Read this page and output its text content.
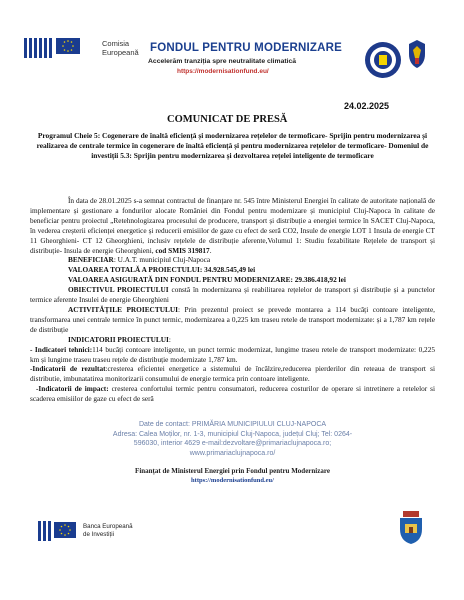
Comisia
Europeană FONDUL PENTRU MODERNIZARE
Accelerăm tranziția spre neutralitate climatică
https://modernisationfund.eu/
24.02.2025
COMUNICAT DE PRESĂ
Programul Cheie 5: Cogenerare de înaltă eficiență și modernizarea rețelelor de termoficare- Sprijin pentru modernizarea și realizarea de centrale termice în cogenerare de înaltă eficiență și pentru modernizarea rețelelor de termoficare- Domeniul de investiții 5.3: Sprijin pentru modernizarea și dezvoltarea rețelei inteligente de termoficare

În data de 28.01.2025 s-a semnat contractul de finanțare nr. 545 între Ministerul Energiei în calitate de autoritate națională de implementare și gestionare a fondurilor alocate României din Fondul pentru modernizare și municipiul Cluj-Napoca în calitate de beneficiar pentru proiectul „Retehnologizarea procesului de producere, transport și distribuție a energiei termice în SACET Cluj-Napoca, în vederea creșterii eficienței energetice și reducerii emisiilor de gaze cu efect de seră CO2, Insule de energie LOT 1 Insula de energie CT 11 Gheorghieni- CT 12 Gheorghieni, inclusiv rețelele de distribuție aferente,Volumul 1: Studiu fezabilitate Rețelele de transport și distribuție- Insula de energie Gheorghieni, cod SMIS 319817.

BENEFICIAR: U.A.T. municipiul Cluj-Napoca

VALOAREA TOTALĂ A PROIECTULUI: 34.928.545,49 lei

VALOAREA ASIGURATĂ DIN FONDUL PENTRU MODERNIZARE: 29.386.418,92 lei

OBIECTIVUL PROIECTULUI constă în modernizarea și reabilitarea rețelelor de transport și distribuție și a punctelor termice aferente Insulei de energie Gheorghieni

ACTIVITĂȚILE PROIECTULUI: Prin prezentul proiect se prevede montarea a 114 bucăți contoare inteligente, transformarea unei centrale termice în punct termic, modernizarea a 0,225 km traseu retele de transport modernizate: și a 1,787 km rețele de distribuție

INDICATORII PROIECTULUI:

- Indicatori tehnici:114 bucăți contoare inteligente, un punct termic modernizat, lungime traseu retele de transport modernizate: 0,225 km și lungime traseu traseu rețele de distribuție modernizate 1,787 km.

-Indicatorii de rezultat:cresterea eficientei energetice a sistemului de încălzire,reducerea pierderilor din reteaua de transport si distributie, imbunatatirea monitorizarii consumului de energie termica prin contoare inteligente.

-Indicatorii de impact: cresterea confortului termic pentru consumatori, reducerea costurilor de operare si intretinere a retelelor si scaderea emisiilor de gaze cu efect de seră

Date de contact: PRIMĂRIA MUNICIPIULUI CLUJ-NAPOCA
Adresa: Calea Moților, nr. 1-3, municipiul Cluj-Napoca, județul Cluj; Tel: 0264-
596030, interior 4629 e-mail:dezvoltare@primariaclujnapoca.ro;
www.primariaclujnapoca.ro/
Finanțat de Ministerul Energiei prin Fondul pentru Modernizare
https://modernisationfund.eu/
Banca Europeană
de Investiții
